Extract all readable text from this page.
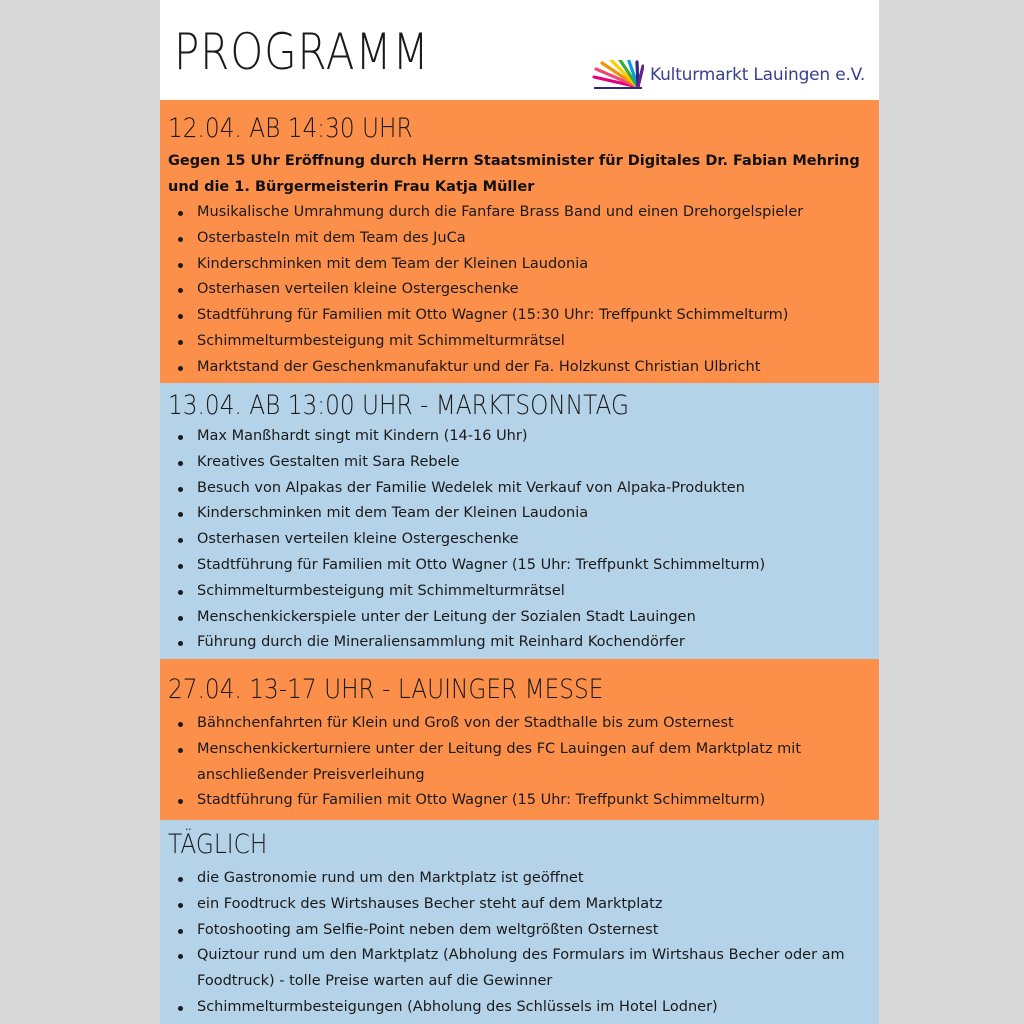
PROGRAMM	Kulturmarkt Lauingen e.V.
12.04. AB 14:30 UHR
Gegen 15 Uhr Eröffnung durch Herrn Staatsminister für Digitales Dr. Fabian Mehring und die 1. Bürgermeisterin Frau Katja Müller
Musikalische Umrahmung durch die Fanfare Brass Band und einen Drehorgelspieler
Osterbasteln mit dem Team des JuCa
Kinderschminken mit dem Team der Kleinen Laudonia
Osterhasen verteilen kleine Ostergeschenke
Stadtführung für Familien mit Otto Wagner (15:30 Uhr: Treffpunkt Schimmelturm)
Schimmelturmbesteigung mit Schimmelturmrätsel
Marktstand der Geschenkmanufaktur und der Fa. Holzkunst Christian Ulbricht
13.04. AB 13:00 UHR - MARKTSONNTAG
Max Manßhardt singt mit Kindern (14-16 Uhr)
Kreatives Gestalten mit Sara Rebele
Besuch von Alpakas der Familie Wedelek mit Verkauf von Alpaka-Produkten
Kinderschminken mit dem Team der Kleinen Laudonia
Osterhasen verteilen kleine Ostergeschenke
Stadtführung für Familien mit Otto Wagner (15 Uhr: Treffpunkt Schimmelturm)
Schimmelturmbesteigung mit Schimmelturmrätsel
Menschenkickerspiele unter der Leitung der Sozialen Stadt Lauingen
Führung durch die Mineraliensammlung mit Reinhard Kochendörfer
27.04. 13-17 UHR - LAUINGER MESSE
Bähnchenfahrten für Klein und Groß von der Stadthalle bis zum Osternest
Menschenkickerturniere unter der Leitung des FC Lauingen auf dem Marktplatz mit anschließender Preisverleihung
Stadtführung für Familien mit Otto Wagner (15 Uhr: Treffpunkt Schimmelturm)
TÄGLICH
die Gastronomie rund um den Marktplatz ist geöffnet
ein Foodtruck des Wirtshauses Becher steht auf dem Marktplatz
Fotoshooting am Selfie-Point neben dem weltgrößten Osternest
Quiztour rund um den Marktplatz (Abholung des Formulars im Wirtshaus Becher oder am Foodtruck) - tolle Preise warten auf die Gewinner
Schimmelturmbesteigungen (Abholung des Schlüssels im Hotel Lodner)
